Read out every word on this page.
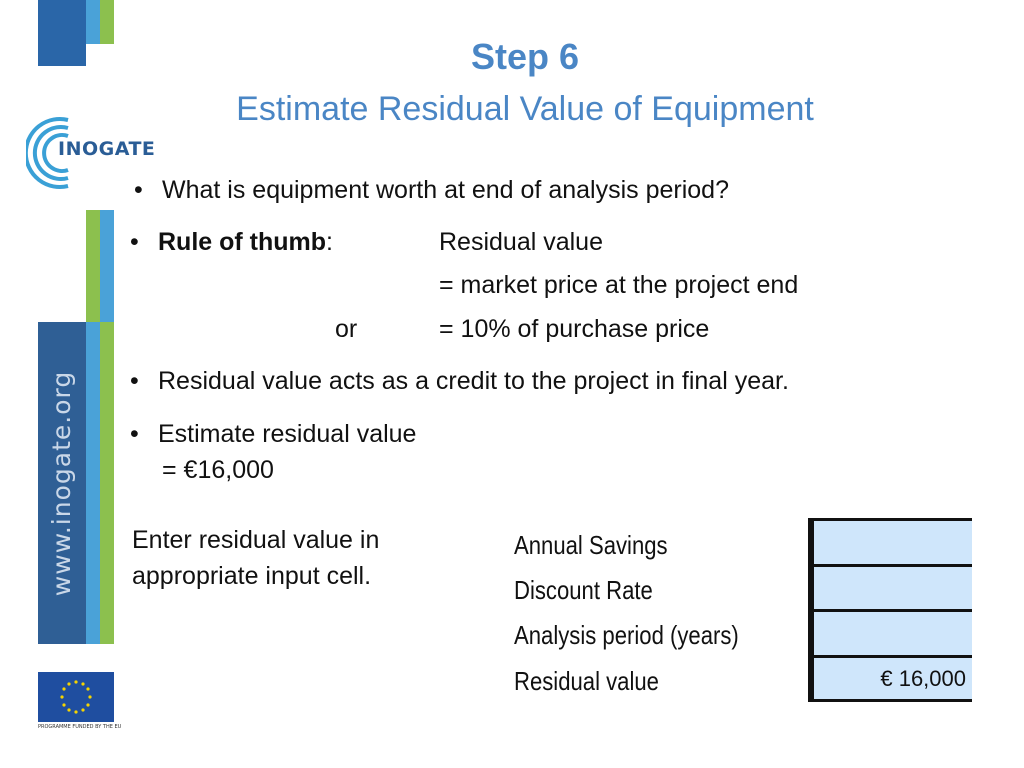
www.inogate.org
INOGATE
PROGRAMME FUNDED BY THE EU
Step 6
Estimate Residual Value of Equipment
• What is equipment worth at end of analysis period?
• Rule of thumb:	Residual value
= market price at the project end
or	= 10% of purchase price
• Residual value acts as a credit to the project in final year.
• Estimate residual value
= €16,000
Enter residual value in
appropriate input cell.
Annual Savings
Discount Rate
Analysis period (years)
Residual value	€ 16,000
